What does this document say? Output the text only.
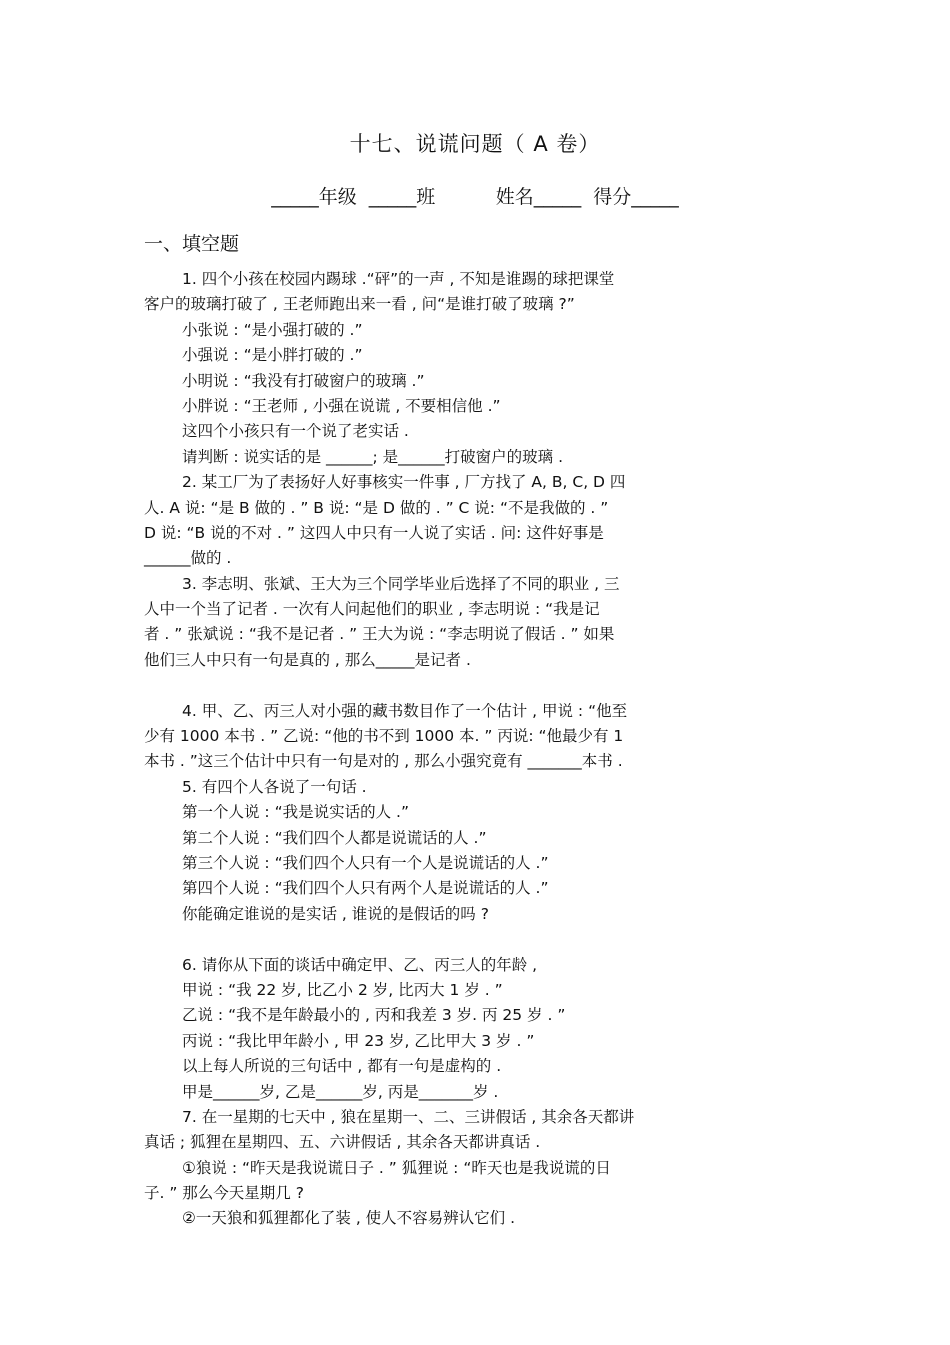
十七、说谎问题（ A 卷）
_____年级  _____班          姓名_____  得分_____
一、填空题
1. 四个小孩在校园内踢球 .“砰”的一声 , 不知是谁踢的球把课堂
客户的玻璃打破了 , 王老师跑出来一看 , 问“是谁打破了玻璃 ?”
小张说 : “是小强打破的 .”
小强说 : “是小胖打破的 .”
小明说 : “我没有打破窗户的玻璃 .”
小胖说 : “王老师 , 小强在说谎 , 不要相信他 .”
这四个小孩只有一个说了老实话 .
请判断 : 说实话的是 ______; 是______打破窗户的玻璃 .
2. 某工厂为了表扬好人好事核实一件事 , 厂方找了 A, B, C, D 四
人. A 说: “是 B 做的 . ” B 说: “是 D 做的 . ” C 说: “不是我做的 . ”
D 说: “B 说的不对 . ” 这四人中只有一人说了实话 . 问: 这件好事是
______做的 .
3. 李志明、张斌、王大为三个同学毕业后选择了不同的职业 , 三
人中一个当了记者 . 一次有人问起他们的职业 , 李志明说 : “我是记
者 . ” 张斌说 : “我不是记者 . ” 王大为说 : “李志明说了假话 . ” 如果
他们三人中只有一句是真的 , 那么_____是记者 .
4. 甲、乙、丙三人对小强的藏书数目作了一个估计 , 甲说 : “他至
少有 1000 本书 . ” 乙说: “他的书不到 1000 本. ” 丙说: “他最少有 1
本书 . ”这三个估计中只有一句是对的 , 那么小强究竟有 _______本书 .
5. 有四个人各说了一句话 .
第一个人说 : “我是说实话的人 .”
第二个人说 : “我们四个人都是说谎话的人 .”
第三个人说 : “我们四个人只有一个人是说谎话的人 .”
第四个人说 : “我们四个人只有两个人是说谎话的人 .”
你能确定谁说的是实话 , 谁说的是假话的吗 ?
6. 请你从下面的谈话中确定甲、乙、丙三人的年龄 ,
甲说 : “我 22 岁, 比乙小 2 岁, 比丙大 1 岁 . ”
乙说 : “我不是年龄最小的 , 丙和我差 3 岁. 丙 25 岁 . ”
丙说 : “我比甲年龄小 , 甲 23 岁, 乙比甲大 3 岁 . ”
以上每人所说的三句话中 , 都有一句是虚构的 .
甲是______岁, 乙是______岁, 丙是_______岁 .
7. 在一星期的七天中 , 狼在星期一、二、三讲假话 , 其余各天都讲
真话 ; 狐狸在星期四、五、六讲假话 , 其余各天都讲真话 .
①狼说 : “昨天是我说谎日子 . ” 狐狸说 : “昨天也是我说谎的日
子. ” 那么今天星期几 ?
②一天狼和狐狸都化了装 , 使人不容易辨认它们 .
